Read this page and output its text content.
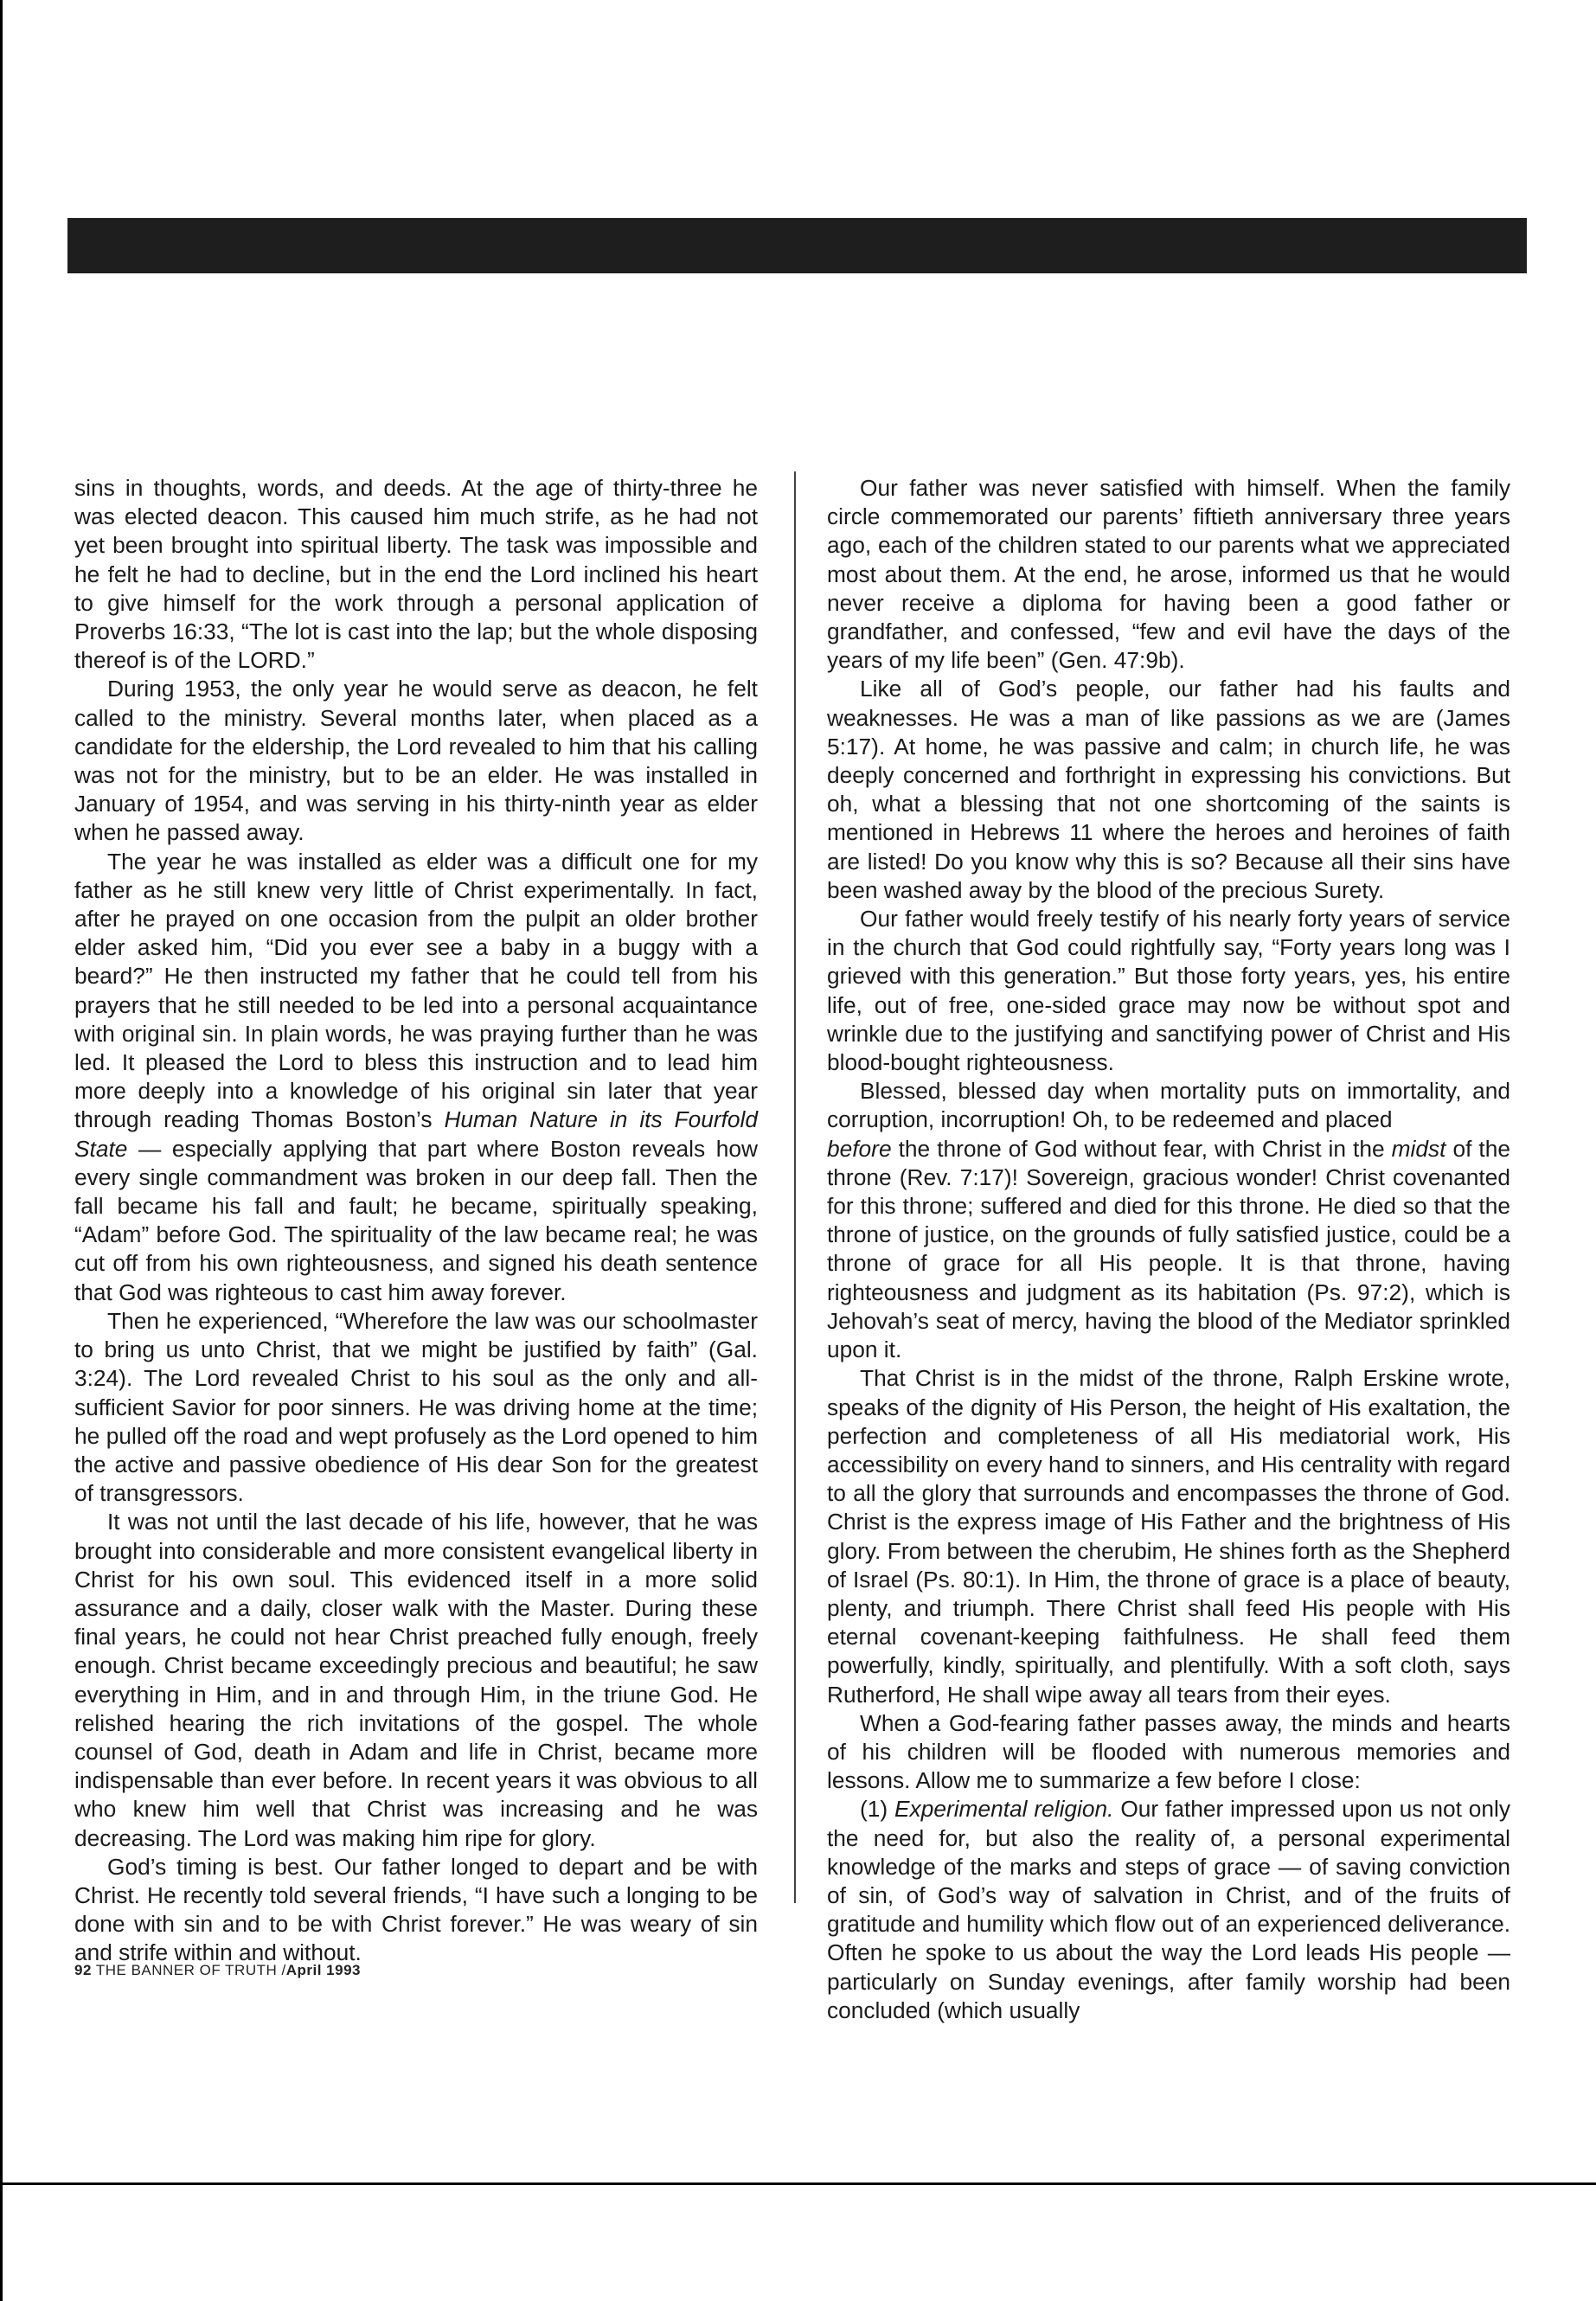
sins in thoughts, words, and deeds. At the age of thirty-three he was elected deacon. This caused him much strife, as he had not yet been brought into spiritual liberty. The task was impossible and he felt he had to decline, but in the end the Lord inclined his heart to give himself for the work through a personal application of Proverbs 16:33, “The lot is cast into the lap; but the whole disposing thereof is of the LORD.”

During 1953, the only year he would serve as deacon, he felt called to the ministry. Several months later, when placed as a candidate for the eldership, the Lord revealed to him that his calling was not for the ministry, but to be an elder. He was installed in January of 1954, and was serving in his thirty-ninth year as elder when he passed away.

The year he was installed as elder was a difficult one for my father as he still knew very little of Christ experimentally. In fact, after he prayed on one occasion from the pulpit an older brother elder asked him, “Did you ever see a baby in a buggy with a beard?” He then instructed my father that he could tell from his prayers that he still needed to be led into a personal acquaintance with original sin. In plain words, he was praying further than he was led. It pleased the Lord to bless this instruction and to lead him more deeply into a knowledge of his original sin later that year through reading Thomas Boston’s Human Nature in its Fourfold State — especially applying that part where Boston reveals how every single commandment was broken in our deep fall. Then the fall became his fall and fault; he became, spiritually speaking, “Adam” before God. The spirituality of the law became real; he was cut off from his own righteousness, and signed his death sentence that God was righteous to cast him away forever.

Then he experienced, “Wherefore the law was our schoolmaster to bring us unto Christ, that we might be justified by faith” (Gal. 3:24). The Lord revealed Christ to his soul as the only and all-sufficient Savior for poor sinners. He was driving home at the time; he pulled off the road and wept profusely as the Lord opened to him the active and passive obedience of His dear Son for the greatest of transgressors.

It was not until the last decade of his life, however, that he was brought into considerable and more consistent evangelical liberty in Christ for his own soul. This evidenced itself in a more solid assurance and a daily, closer walk with the Master. During these final years, he could not hear Christ preached fully enough, freely enough. Christ became exceedingly precious and beautiful; he saw everything in Him, and in and through Him, in the triune God. He relished hearing the rich invitations of the gospel. The whole counsel of God, death in Adam and life in Christ, became more indispensable than ever before. In recent years it was obvious to all who knew him well that Christ was increasing and he was decreasing. The Lord was making him ripe for glory.

God’s timing is best. Our father longed to depart and be with Christ. He recently told several friends, “I have such a longing to be done with sin and to be with Christ forever.” He was weary of sin and strife within and without.

Our father was never satisfied with himself. When the family circle commemorated our parents’ fiftieth anniversary three years ago, each of the children stated to our parents what we appreciated most about them. At the end, he arose, informed us that he would never receive a diploma for having been a good father or grandfather, and confessed, “few and evil have the days of the years of my life been” (Gen. 47:9b).

Like all of God’s people, our father had his faults and weaknesses. He was a man of like passions as we are (James 5:17). At home, he was passive and calm; in church life, he was deeply concerned and forthright in expressing his convictions. But oh, what a blessing that not one shortcoming of the saints is mentioned in Hebrews 11 where the heroes and heroines of faith are listed! Do you know why this is so? Because all their sins have been washed away by the blood of the precious Surety.

Our father would freely testify of his nearly forty years of service in the church that God could rightfully say, “Forty years long was I grieved with this generation.” But those forty years, yes, his entire life, out of free, one-sided grace may now be without spot and wrinkle due to the justifying and sanctifying power of Christ and His blood-bought righteousness.

Blessed, blessed day when mortality puts on immortality, and corruption, incorruption! Oh, to be redeemed and placed
before the throne of God without fear, with Christ in the midst of the throne (Rev. 7:17)! Sovereign, gracious wonder! Christ covenanted for this throne; suffered and died for this throne. He died so that the throne of justice, on the grounds of fully satisfied justice, could be a throne of grace for all His people. It is that throne, having righteousness and judgment as its habitation (Ps. 97:2), which is Jehovah’s seat of mercy, having the blood of the Mediator sprinkled upon it.

That Christ is in the midst of the throne, Ralph Erskine wrote, speaks of the dignity of His Person, the height of His exaltation, the perfection and completeness of all His mediatorial work, His accessibility on every hand to sinners, and His centrality with regard to all the glory that surrounds and encompasses the throne of God. Christ is the express image of His Father and the brightness of His glory. From between the cherubim, He shines forth as the Shepherd of Israel (Ps. 80:1). In Him, the throne of grace is a place of beauty, plenty, and triumph. There Christ shall feed His people with His eternal covenant-keeping faithfulness. He shall feed them powerfully, kindly, spiritually, and plentifully. With a soft cloth, says Rutherford, He shall wipe away all tears from their eyes.

When a God-fearing father passes away, the minds and hearts of his children will be flooded with numerous memories and lessons. Allow me to summarize a few before I close:

(1) Experimental religion. Our father impressed upon us not only the need for, but also the reality of, a personal experimental knowledge of the marks and steps of grace — of saving conviction of sin, of God’s way of salvation in Christ, and of the fruits of gratitude and humility which flow out of an experienced deliverance. Often he spoke to us about the way the Lord leads His people — particularly on Sunday evenings, after family worship had been concluded (which usually

92 THE BANNER OF TRUTH /April 1993
